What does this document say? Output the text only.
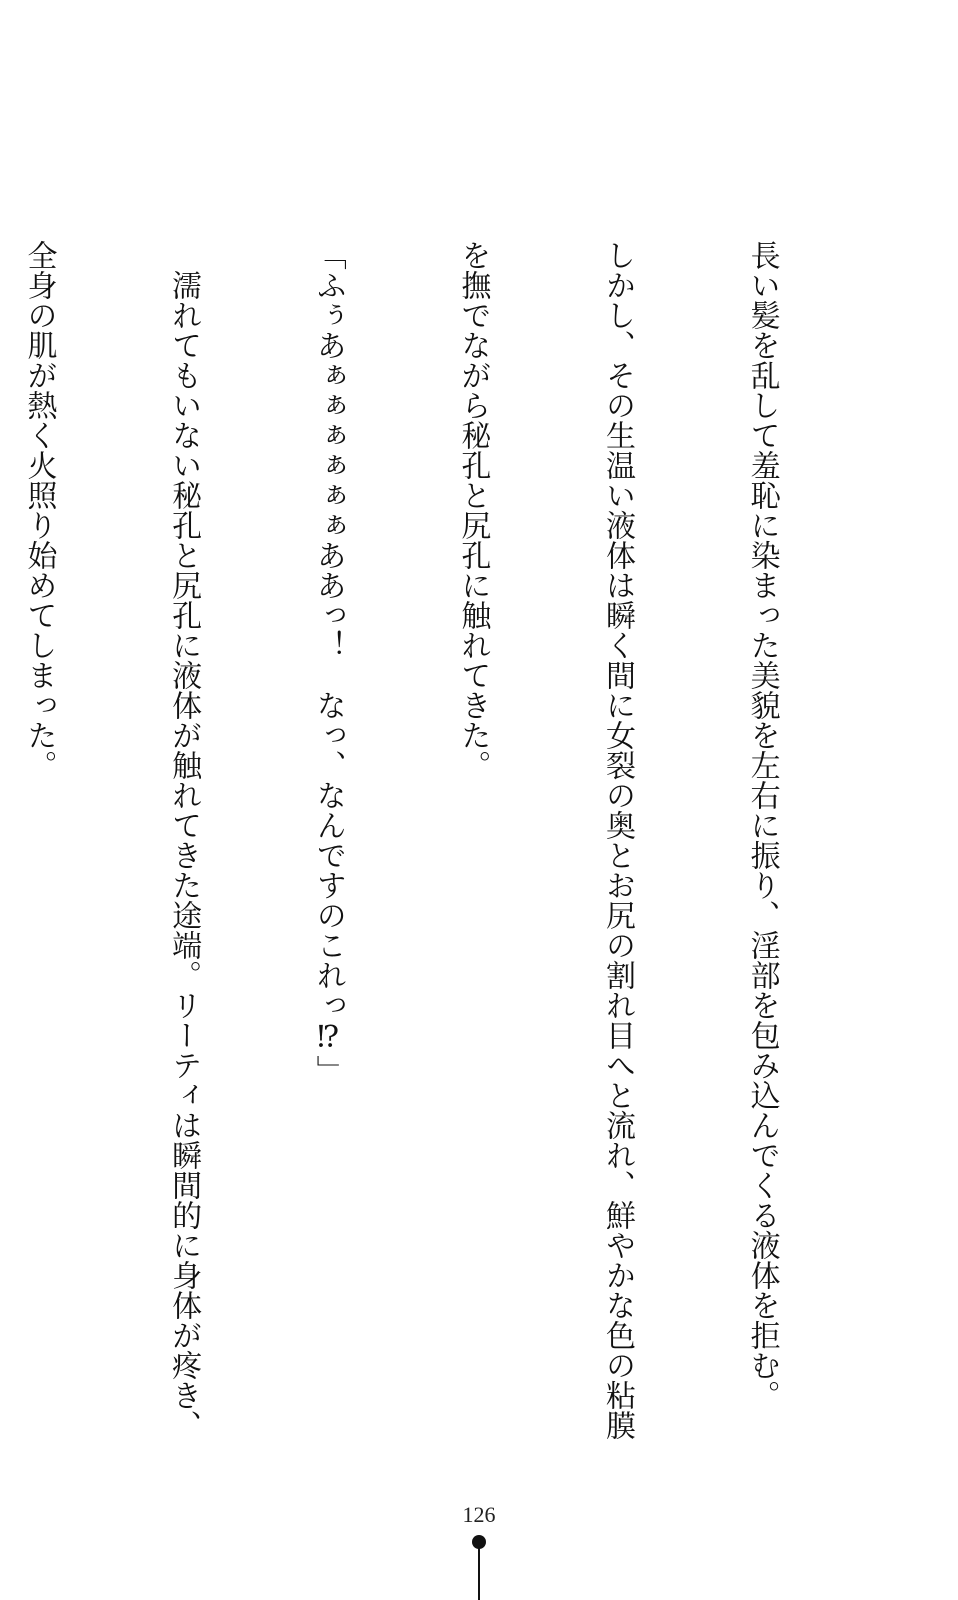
長い髪を乱して羞恥に染まった美貌を左右に振り、淫部を包み込んでくる液体を拒む。

しかし、その生温い液体は瞬く間に女裂の奥とお尻の割れ目へと流れ、鮮やかな色の粘膜

を撫でながら秘孔と尻孔に触れてきた。

「ふぅあぁぁぁぁぁぁああっ！　なっ、なんですのこれっ⁉」

　濡れてもいない秘孔と尻孔に液体が触れてきた途端。リーティは瞬間的に身体が疼き、

全身の肌が熱く火照り始めてしまった。

126
